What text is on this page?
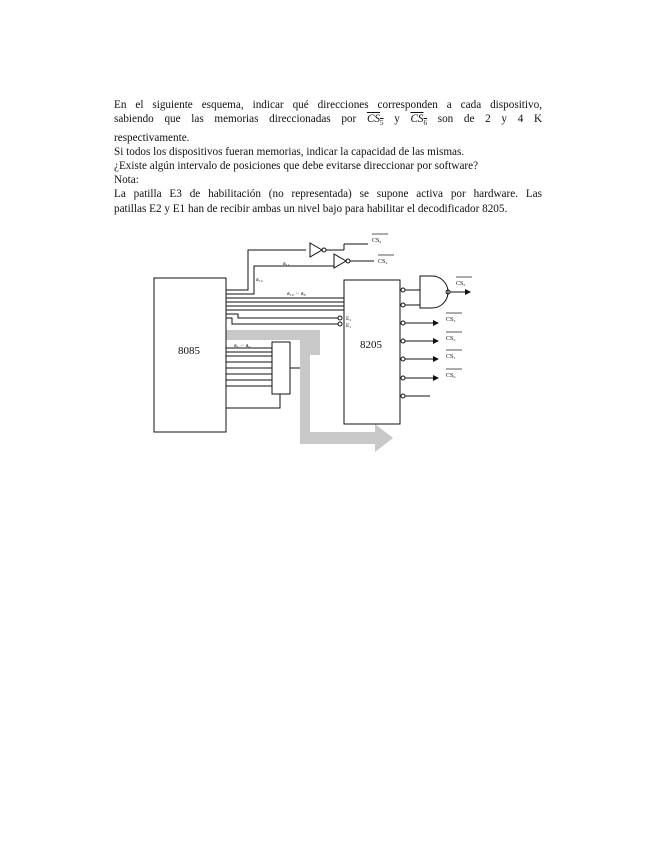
En el siguiente esquema, indicar qué direcciones corresponden a cada dispositivo,

sabiendo que las memorias direccionadas por $CS_5$ y $CS_6$ son de 2 y 4 K

respectivamente.

Si todos los dispositivos fueran memorias, indicar la capacidad de las mismas.

¿Existe algún intervalo de posiciones que debe evitarse direccionar por software?

Nota:

La patilla E3 de habilitación (no representada) se supone activa por hardware. Las

patillas E2 y E1 han de recibir ambas un nivel bajo para habilitar el decodificador 8205.

8085	8205
a₁₅
a₁₁
CS₆
CS₄
a₁₀ ·· a₈
E₂
E₁
a₇ ·· a₀
CS₅
CS₃
CS₂
CS₁
CS₀
